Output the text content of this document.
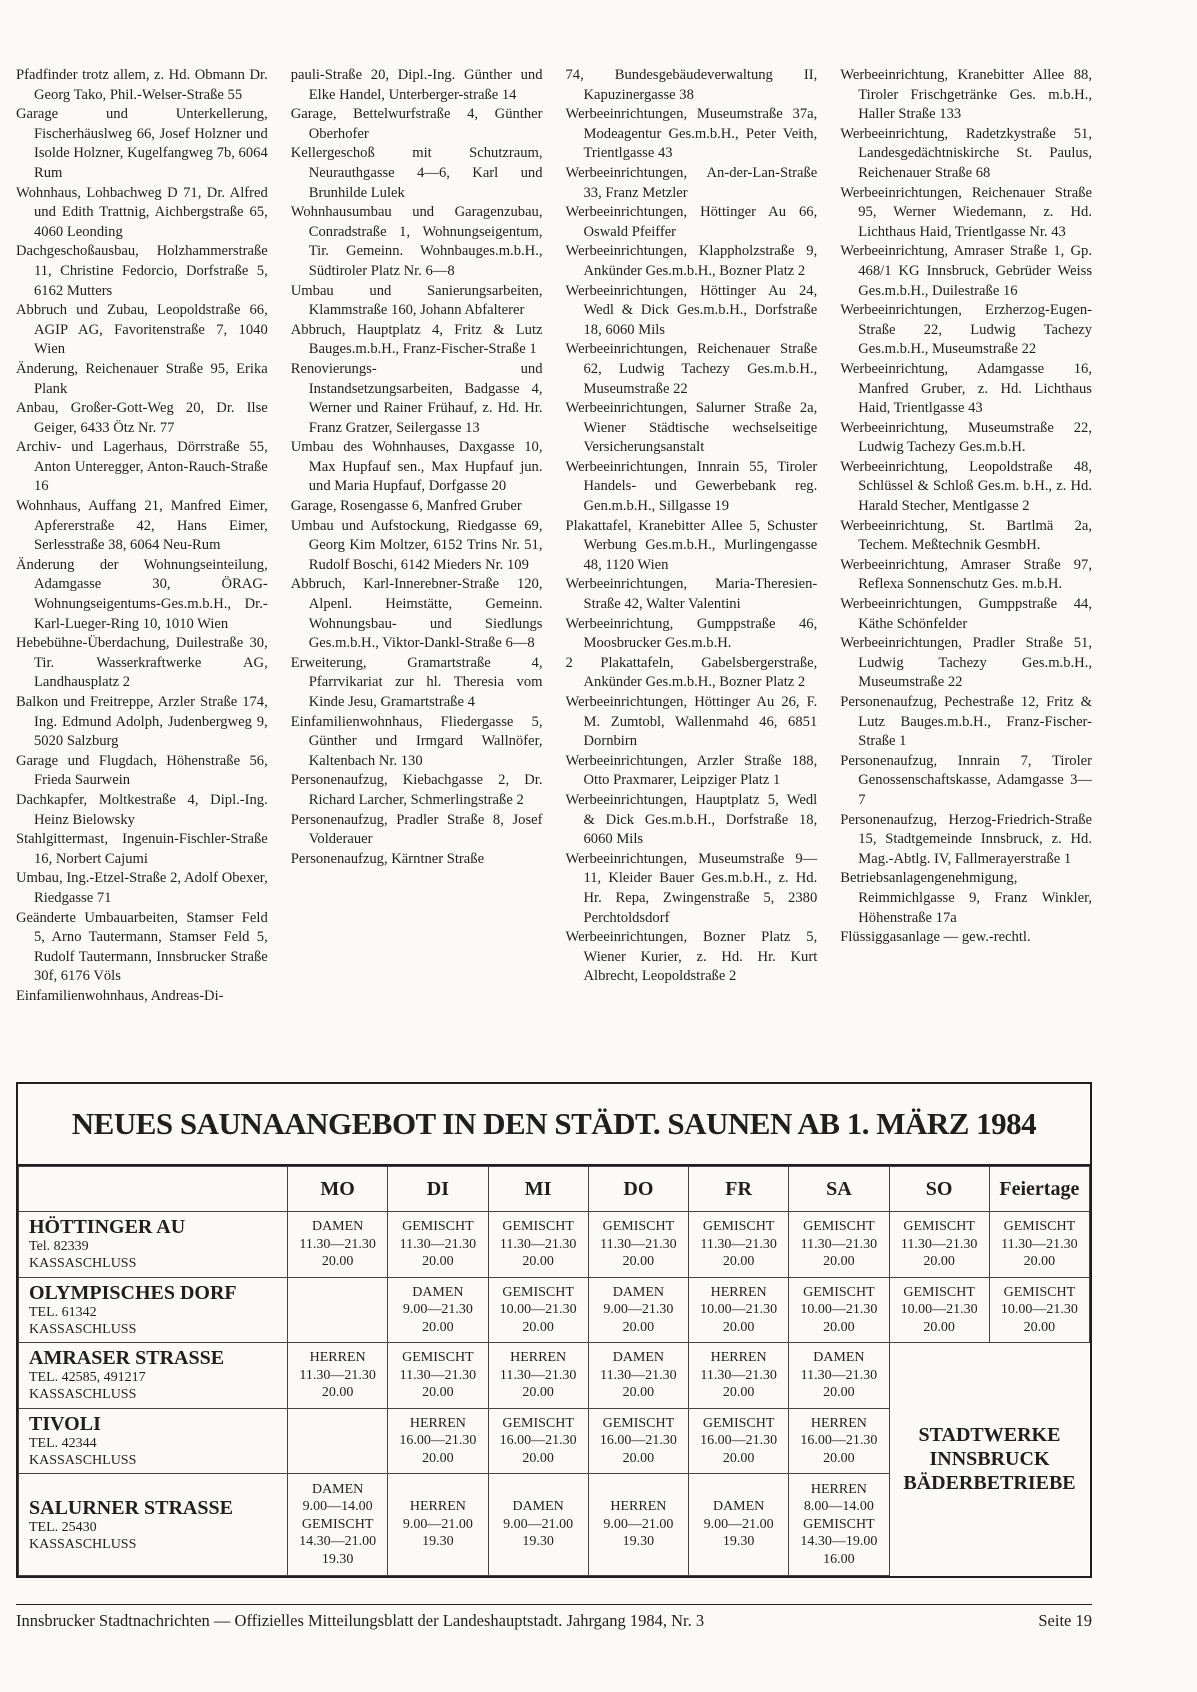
Pfadfinder trotz allem, z. Hd. Obmann Dr. Georg Tako, Phil.-Welser-Straße 55
Garage und Unterkellerung, Fischerhäuslweg 66, Josef Holzner und Isolde Holzner, Kugelfangweg 7b, 6064 Rum
Wohnhaus, Lohbachweg D 71, Dr. Alfred und Edith Trattnig, Aichbergstraße 65, 4060 Leonding
Dachgeschoßausbau, Holzhammerstraße 11, Christine Fedorcio, Dorfstraße 5, 6162 Mutters
Abbruch und Zubau, Leopoldstraße 66, AGIP AG, Favoritenstraße 7, 1040 Wien
Änderung, Reichenauer Straße 95, Erika Plank
Anbau, Großer-Gott-Weg 20, Dr. Ilse Geiger, 6433 Ötz Nr. 77
Archiv- und Lagerhaus, Dörrstraße 55, Anton Unteregger, Anton-Rauch-Straße 16
Wohnhaus, Auffang 21, Manfred Eimer, Apfererstraße 42, Hans Eimer, Serlesstraße 38, 6064 Neu-Rum
Änderung der Wohnungseinteilung, Adamgasse 30, ÖRAG-Wohnungseigentums-Ges.m.b.H., Dr.-Karl-Lueger-Ring 10, 1010 Wien
Hebebühne-Überdachung, Duilestraße 30, Tir. Wasserkraftwerke AG, Landhausplatz 2
Balkon und Freitreppe, Arzler Straße 174, Ing. Edmund Adolph, Judenbergweg 9, 5020 Salzburg
Garage und Flugdach, Höhenstraße 56, Frieda Saurwein
Dachkapfer, Moltkestraße 4, Dipl.-Ing. Heinz Bielowsky
Stahlgittermast, Ingenuin-Fischler-Straße 16, Norbert Cajumi
Umbau, Ing.-Etzel-Straße 2, Adolf Obexer, Riedgasse 71
Geänderte Umbauarbeiten, Stamser Feld 5, Arno Tautermann, Stamser Feld 5, Rudolf Tautermann, Innsbrucker Straße 30f, 6176 Völs
Einfamilienwohnhaus, Andreas-Di-
pauli-Straße 20, Dipl.-Ing. Günther und Elke Handel, Unterberger-straße 14
Garage, Bettelwurfstraße 4, Günther Oberhofer
Kellergeschoß mit Schutzraum, Neurauthgasse 4—6, Karl und Brunhilde Lulek
Wohnhausumbau und Garagenzubau, Conradstraße 1, Wohnungseigentum, Tir. Gemeinn. Wohnbauges.m.b.H., Südtiroler Platz Nr. 6—8
Umbau und Sanierungsarbeiten, Klammstraße 160, Johann Abfalterer
Abbruch, Hauptplatz 4, Fritz & Lutz Bauges.m.b.H., Franz-Fischer-Straße 1
Renovierungs- und Instandsetzungsarbeiten, Badgasse 4, Werner und Rainer Frühauf, z. Hd. Hr. Franz Gratzer, Seilergasse 13
Umbau des Wohnhauses, Daxgasse 10, Max Hupfauf sen., Max Hupfauf jun. und Maria Hupfauf, Dorfgasse 20
Garage, Rosengasse 6, Manfred Gruber
Umbau und Aufstockung, Riedgasse 69, Georg Kim Moltzer, 6152 Trins Nr. 51, Rudolf Boschi, 6142 Mieders Nr. 109
Abbruch, Karl-Innerebner-Straße 120, Alpenl. Heimstätte, Gemeinn. Wohnungsbau- und Siedlungs Ges.m.b.H., Viktor-Dankl-Straße 6—8
Erweiterung, Gramartstraße 4, Pfarrvikariat zur hl. Theresia vom Kinde Jesu, Gramartstraße 4
Einfamilienwohnhaus, Fliedergasse 5, Günther und Irmgard Wallnöfer, Kaltenbach Nr. 130
Personenaufzug, Kiebachgasse 2, Dr. Richard Larcher, Schmerlingstraße 2
Personenaufzug, Pradler Straße 8, Josef Volderauer
Personenaufzug, Kärntner Straße
74, Bundesgebäudeverwaltung II, Kapuzinergasse 38
Werbeeinrichtungen, Museumstraße 37a, Modeagentur Ges.m.b.H., Peter Veith, Trientlgasse 43
Werbeeinrichtungen, An-der-Lan-Straße 33, Franz Metzler
Werbeeinrichtungen, Höttinger Au 66, Oswald Pfeiffer
Werbeeinrichtungen, Klappholzstraße 9, Ankünder Ges.m.b.H., Bozner Platz 2
Werbeeinrichtungen, Höttinger Au 24, Wedl & Dick Ges.m.b.H., Dorfstraße 18, 6060 Mils
Werbeeinrichtungen, Reichenauer Straße 62, Ludwig Tachezy Ges.m.b.H., Museumstraße 22
Werbeeinrichtungen, Salurner Straße 2a, Wiener Städtische wechselseitige Versicherungsanstalt
Werbeeinrichtungen, Innrain 55, Tiroler Handels- und Gewerbebank reg. Gen.m.b.H., Sillgasse 19
Plakattafel, Kranebitter Allee 5, Schuster Werbung Ges.m.b.H., Murlingengasse 48, 1120 Wien
Werbeeinrichtungen, Maria-Theresien-Straße 42, Walter Valentini
Werbeeinrichtung, Gumppstraße 46, Moosbrucker Ges.m.b.H.
2 Plakattafeln, Gabelsbergerstraße, Ankünder Ges.m.b.H., Bozner Platz 2
Werbeeinrichtungen, Höttinger Au 26, F. M. Zumtobl, Wallenmahd 46, 6851 Dornbirn
Werbeeinrichtungen, Arzler Straße 188, Otto Praxmarer, Leipziger Platz 1
Werbeeinrichtungen, Hauptplatz 5, Wedl & Dick Ges.m.b.H., Dorfstraße 18, 6060 Mils
Werbeeinrichtungen, Museumstraße 9—11, Kleider Bauer Ges.m.b.H., z. Hd. Hr. Repa, Zwingenstraße 5, 2380 Perchtoldsdorf
Werbeeinrichtungen, Bozner Platz 5, Wiener Kurier, z. Hd. Hr. Kurt Albrecht, Leopoldstraße 2
Werbeeinrichtung, Kranebitter Allee 88, Tiroler Frischgetränke Ges. m.b.H., Haller Straße 133
Werbeeinrichtung, Radetzkystraße 51, Landesgedächtniskirche St. Paulus, Reichenauer Straße 68
Werbeeinrichtungen, Reichenauer Straße 95, Werner Wiedemann, z. Hd. Lichthaus Haid, Trientlgasse Nr. 43
Werbeeinrichtung, Amraser Straße 1, Gp. 468/1 KG Innsbruck, Gebrüder Weiss Ges.m.b.H., Duilestraße 16
Werbeeinrichtungen, Erzherzog-Eugen-Straße 22, Ludwig Tachezy Ges.m.b.H., Museumstraße 22
Werbeeinrichtung, Adamgasse 16, Manfred Gruber, z. Hd. Lichthaus Haid, Trientlgasse 43
Werbeeinrichtung, Museumstraße 22, Ludwig Tachezy Ges.m.b.H.
Werbeeinrichtung, Leopoldstraße 48, Schlüssel & Schloß Ges.m. b.H., z. Hd. Harald Stecher, Mentlgasse 2
Werbeeinrichtung, St. Bartlmä 2a, Techem. Meßtechnik GesmbH.
Werbeeinrichtung, Amraser Straße 97, Reflexa Sonnenschutz Ges. m.b.H.
Werbeeinrichtungen, Gumppstraße 44, Käthe Schönfelder
Werbeeinrichtungen, Pradler Straße 51, Ludwig Tachezy Ges.m.b.H., Museumstraße 22
Personenaufzug, Pechestraße 12, Fritz & Lutz Bauges.m.b.H., Franz-Fischer-Straße 1
Personenaufzug, Innrain 7, Tiroler Genossenschaftskasse, Adamgasse 3—7
Personenaufzug, Herzog-Friedrich-Straße 15, Stadtgemeinde Innsbruck, z. Hd. Mag.-Abtlg. IV, Fallmerayerstraße 1
Betriebsanlagengenehmigung, Reimmichlgasse 9, Franz Winkler, Höhenstraße 17a
Flüssiggasanlage — gew.-rechtl.
NEUES SAUNAANGEBOT IN DEN STÄDT. SAUNEN AB 1. MÄRZ 1984
	MO	DI	MI	DO	FR	SA	SO	Feiertage

HÖTTINGER AU
Tel. 82339
KASSASCHLUSS	DAMEN
11.30—21.30
20.00	GEMISCHT
11.30—21.30
20.00	GEMISCHT
11.30—21.30
20.00	GEMISCHT
11.30—21.30
20.00	GEMISCHT
11.30—21.30
20.00	GEMISCHT
11.30—21.30
20.00	GEMISCHT
11.30—21.30
20.00	GEMISCHT
11.30—21.30
20.00

OLYMPISCHES DORF
TEL. 61342
KASSASCHLUSS		DAMEN
9.00—21.30
20.00	GEMISCHT
10.00—21.30
20.00	DAMEN
9.00—21.30
20.00	HERREN
10.00—21.30
20.00	GEMISCHT
10.00—21.30
20.00	GEMISCHT
10.00—21.30
20.00	GEMISCHT
10.00—21.30
20.00

AMRASER STRASSE
TEL. 42585, 491217
KASSASCHLUSS	HERREN
11.30—21.30
20.00	GEMISCHT
11.30—21.30
20.00	HERREN
11.30—21.30
20.00	DAMEN
11.30—21.30
20.00	HERREN
11.30—21.30
20.00	DAMEN
11.30—21.30
20.00	STADTWERKE
INNSBRUCK
BÄDERBETRIEBE	

TIVOLI
TEL. 42344
KASSASCHLUSS		HERREN
16.00—21.30
20.00	GEMISCHT
16.00—21.30
20.00	GEMISCHT
16.00—21.30
20.00	GEMISCHT
16.00—21.30
20.00	HERREN
16.00—21.30
20.00		

SALURNER STRASSE
TEL. 25430
KASSASCHLUSS	DAMEN
9.00—14.00
GEMISCHT
14.30—21.00
19.30	HERREN
9.00—21.00
19.30	DAMEN
9.00—21.00
19.30	HERREN
9.00—21.00
19.30	DAMEN
9.00—21.00
19.30	HERREN
8.00—14.00
GEMISCHT
14.30—19.00
16.00		
Innsbrucker Stadtnachrichten — Offizielles Mitteilungsblatt der Landeshauptstadt. Jahrgang 1984, Nr. 3	Seite 19
